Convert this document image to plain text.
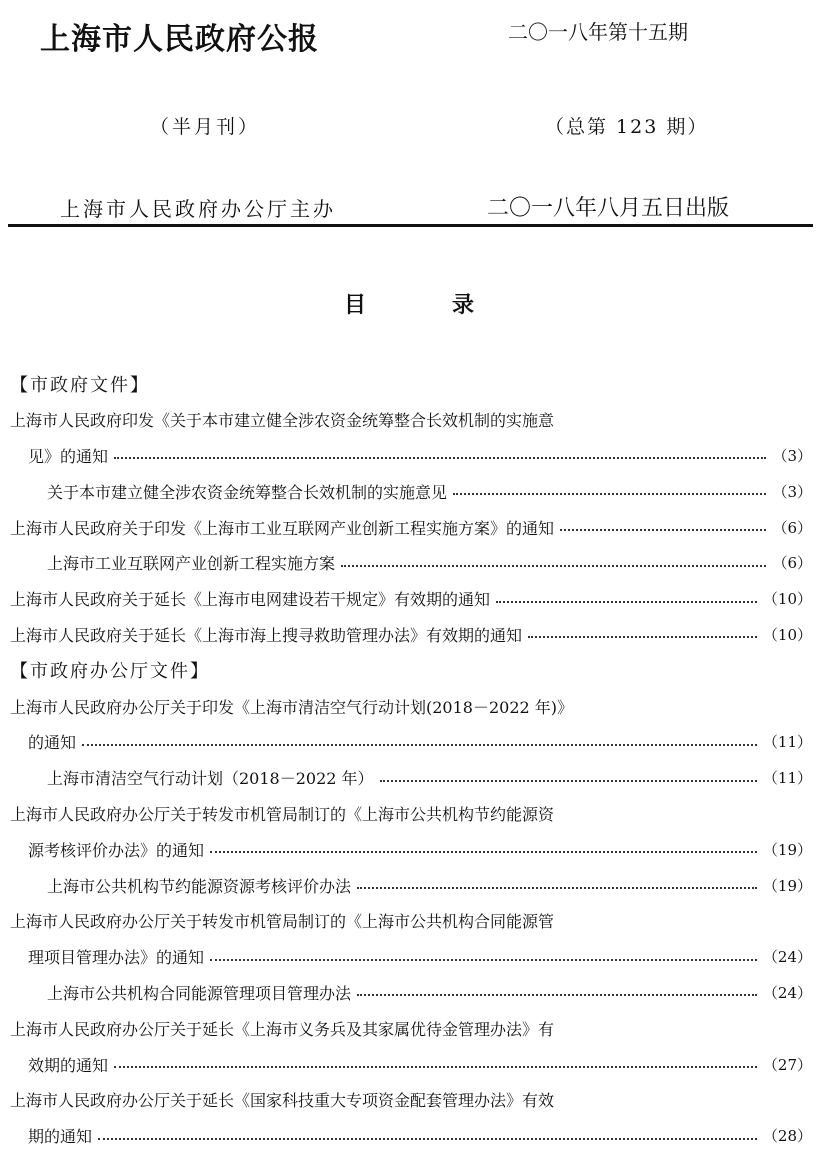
上海市人民政府公报	二〇一八年第十五期
（半月刊）	（总第 123 期）
上海市人民政府办公厅主办	二〇一八年八月五日出版
目录
【市政府文件】
上海市人民政府印发《关于本市建立健全涉农资金统筹整合长效机制的实施意
见》的通知	（3）
关于本市建立健全涉农资金统筹整合长效机制的实施意见	（3）
上海市人民政府关于印发《上海市工业互联网产业创新工程实施方案》的通知	（6）
上海市工业互联网产业创新工程实施方案	（6）
上海市人民政府关于延长《上海市电网建设若干规定》有效期的通知	（10）
上海市人民政府关于延长《上海市海上搜寻救助管理办法》有效期的通知	（10）
【市政府办公厅文件】
上海市人民政府办公厅关于印发《上海市清洁空气行动计划(2018－2022 年)》
的通知	（11）
上海市清洁空气行动计划（2018－2022 年）	（11）
上海市人民政府办公厅关于转发市机管局制订的《上海市公共机构节约能源资
源考核评价办法》的通知	（19）
上海市公共机构节约能源资源考核评价办法	（19）
上海市人民政府办公厅关于转发市机管局制订的《上海市公共机构合同能源管
理项目管理办法》的通知	（24）
上海市公共机构合同能源管理项目管理办法	（24）
上海市人民政府办公厅关于延长《上海市义务兵及其家属优待金管理办法》有
效期的通知	（27）
上海市人民政府办公厅关于延长《国家科技重大专项资金配套管理办法》有效
期的通知	（28）
